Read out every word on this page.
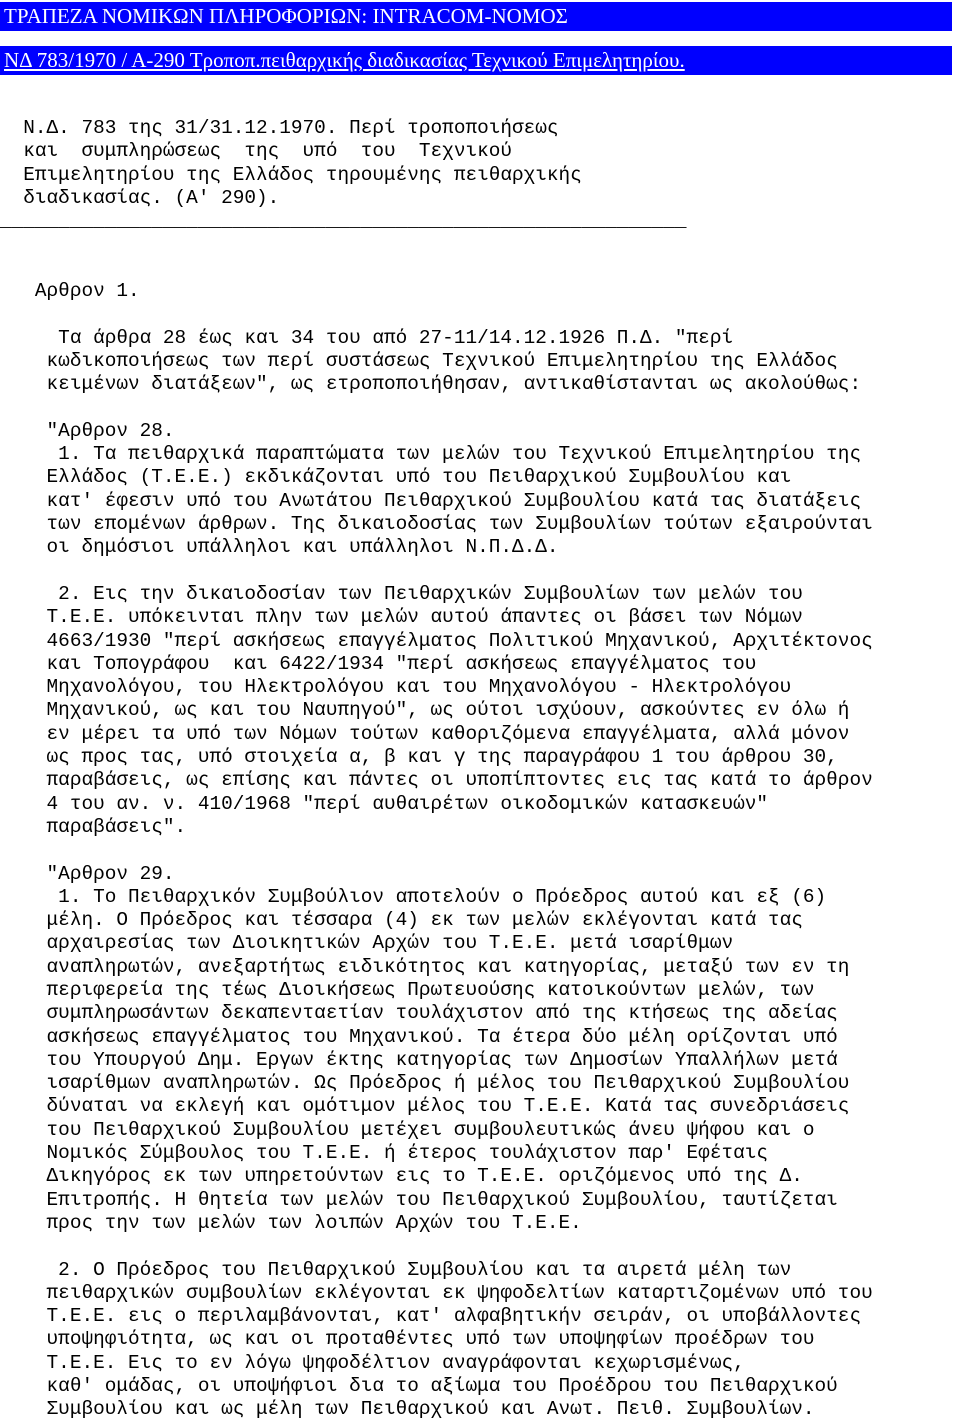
ΤΡΑΠΕΖΑ ΝΟΜΙΚΩΝ ΠΛΗΡΟΦΟΡΙΩΝ: INTRACOM-ΝΟΜΟΣ
ΝΔ 783/1970 / Α-290 Τροποπ.πειθαρχικής διαδικασίας Τεχνικού Επιμελητηρίου.
Ν.Δ. 783 της 31/31.12.1970. Περί τροποποιήσεως
και  συμπληρώσεως  της  υπό  του  Τεχνικού
Επιμελητηρίου της Ελλάδος τηρουμένης πειθαρχικής
διαδικασίας. (Α' 290).
___________________________________________________________
Αρθρον 1.
Τα άρθρα 28 έως και 34 του από 27-11/14.12.1926 Π.Δ. "περί
κωδικοποιήσεως των περί συστάσεως Τεχνικού Επιμελητηρίου της Ελλάδος
κειμένων διατάξεων", ως ετροποποιήθησαν, αντικαθίστανται ως ακολούθως:
"Αρθρον 28.
1. Τα πειθαρχικά παραπτώματα των μελών του Τεχνικού Επιμελητηρίου της
Ελλάδος (Τ.Ε.Ε.) εκδικάζονται υπό του Πειθαρχικού Συμβουλίου και
κατ' έφεσιν υπό του Ανωτάτου Πειθαρχικού Συμβουλίου κατά τας διατάξεις
των επομένων άρθρων. Της δικαιοδοσίας των Συμβουλίων τούτων εξαιρούνται
οι δημόσιοι υπάλληλοι και υπάλληλοι Ν.Π.Δ.Δ.
2. Εις την δικαιοδοσίαν των Πειθαρχικών Συμβουλίων των μελών του
Τ.Ε.Ε. υπόκεινται πλην των μελών αυτού άπαντες οι βάσει των Νόμων
4663/1930 "περί ασκήσεως επαγγέλματος Πολιτικού Μηχανικού, Αρχιτέκτονος
και Τοπογράφου  και 6422/1934 "περί ασκήσεως επαγγέλματος του
Μηχανολόγου, του Ηλεκτρολόγου και του Μηχανολόγου - Ηλεκτρολόγου
Μηχανικού, ως και του Ναυπηγού", ως ούτοι ισχύουν, ασκούντες εν όλω ή
εν μέρει τα υπό των Νόμων τούτων καθοριζόμενα επαγγέλματα, αλλά μόνον
ως προς τας, υπό στοιχεία α, β και γ της παραγράφου 1 του άρθρου 30,
παραβάσεις, ως επίσης και πάντες οι υποπίπτοντες εις τας κατά το άρθρον
4 του αν. ν. 410/1968 "περί αυθαιρέτων οικοδομικών κατασκευών"
παραβάσεις".
"Αρθρον 29.
1. Το Πειθαρχικόν Συμβούλιον αποτελούν ο Πρόεδρος αυτού και εξ (6)
μέλη. Ο Πρόεδρος και τέσσαρα (4) εκ των μελών εκλέγονται κατά τας
αρχαιρεσίας των Διοικητικών Αρχών του Τ.Ε.Ε. μετά ισαρίθμων
αναπληρωτών, ανεξαρτήτως ειδικότητος και κατηγορίας, μεταξύ των εν τη
περιφερεία της τέως Διοικήσεως Πρωτευούσης κατοικούντων μελών, των
συμπληρωσάντων δεκαπενταετίαν τουλάχιστον από της κτήσεως της αδείας
ασκήσεως επαγγέλματος του Μηχανικού. Τα έτερα δύο μέλη ορίζονται υπό
του Υπουργού Δημ. Εργων έκτης κατηγορίας των Δημοσίων Υπαλλήλων μετά
ισαρίθμων αναπληρωτών. Ως Πρόεδρος ή μέλος του Πειθαρχικού Συμβουλίου
δύναται να εκλεγή και ομότιμον μέλος του Τ.Ε.Ε. Κατά τας συνεδριάσεις
του Πειθαρχικού Συμβουλίου μετέχει συμβουλευτικώς άνευ ψήφου και ο
Νομικός Σύμβουλος του Τ.Ε.Ε. ή έτερος τουλάχιστον παρ' Εφέταις
Δικηγόρος εκ των υπηρετούντων εις το Τ.Ε.Ε. οριζόμενος υπό της Δ.
Επιτροπής. Η θητεία των μελών του Πειθαρχικού Συμβουλίου, ταυτίζεται
προς την των μελών των λοιπών Αρχών του Τ.Ε.Ε.
2. Ο Πρόεδρος του Πειθαρχικού Συμβουλίου και τα αιρετά μέλη των
πειθαρχικών συμβουλίων εκλέγονται εκ ψηφοδελτίων καταρτιζομένων υπό του
Τ.Ε.Ε. εις ο περιλαμβάνονται, κατ' αλφαβητικήν σειράν, οι υποβάλλοντες
υποψηφιότητα, ως και οι προταθέντες υπό των υποψηφίων προέδρων του
Τ.Ε.Ε. Εις το εν λόγω ψηφοδέλτιον αναγράφονται κεχωρισμένως,
καθ' ομάδας, οι υποψήφιοι δια το αξίωμα του Προέδρου του Πειθαρχικού
Συμβουλίου και ως μέλη των Πειθαρχικού και Ανωτ. Πειθ. Συμβουλίων.
